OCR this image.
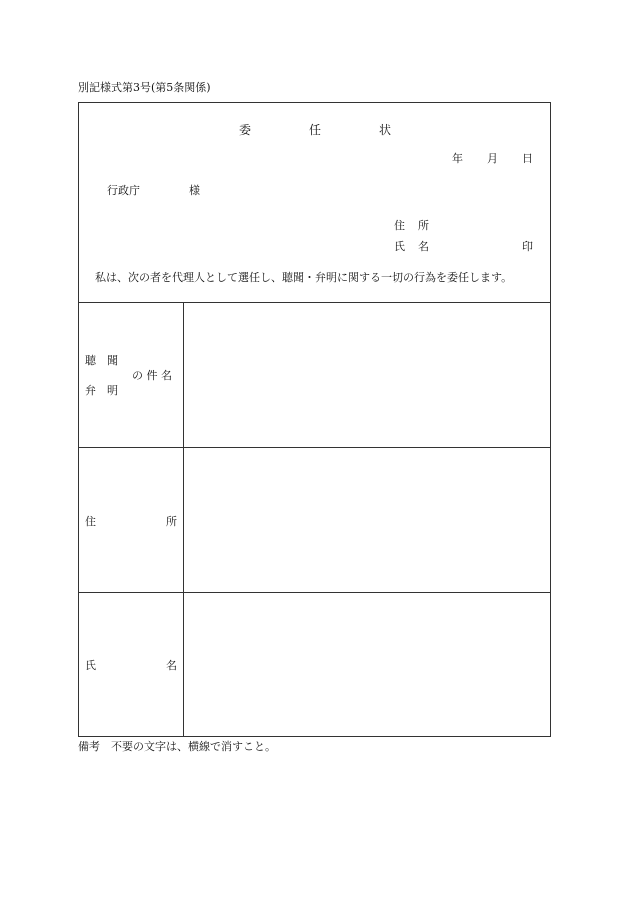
別記様式第3号(第5条関係)
委	任	状
年 月 日
行政庁	様
住 所
氏 名	印
私は、次の者を代理人として選任し、聴聞・弁明に関する一切の行為を委任します。
聴　聞
の 件 名
弁　明
住	所
氏	名
備考　不要の文字は、横線で消すこと。
